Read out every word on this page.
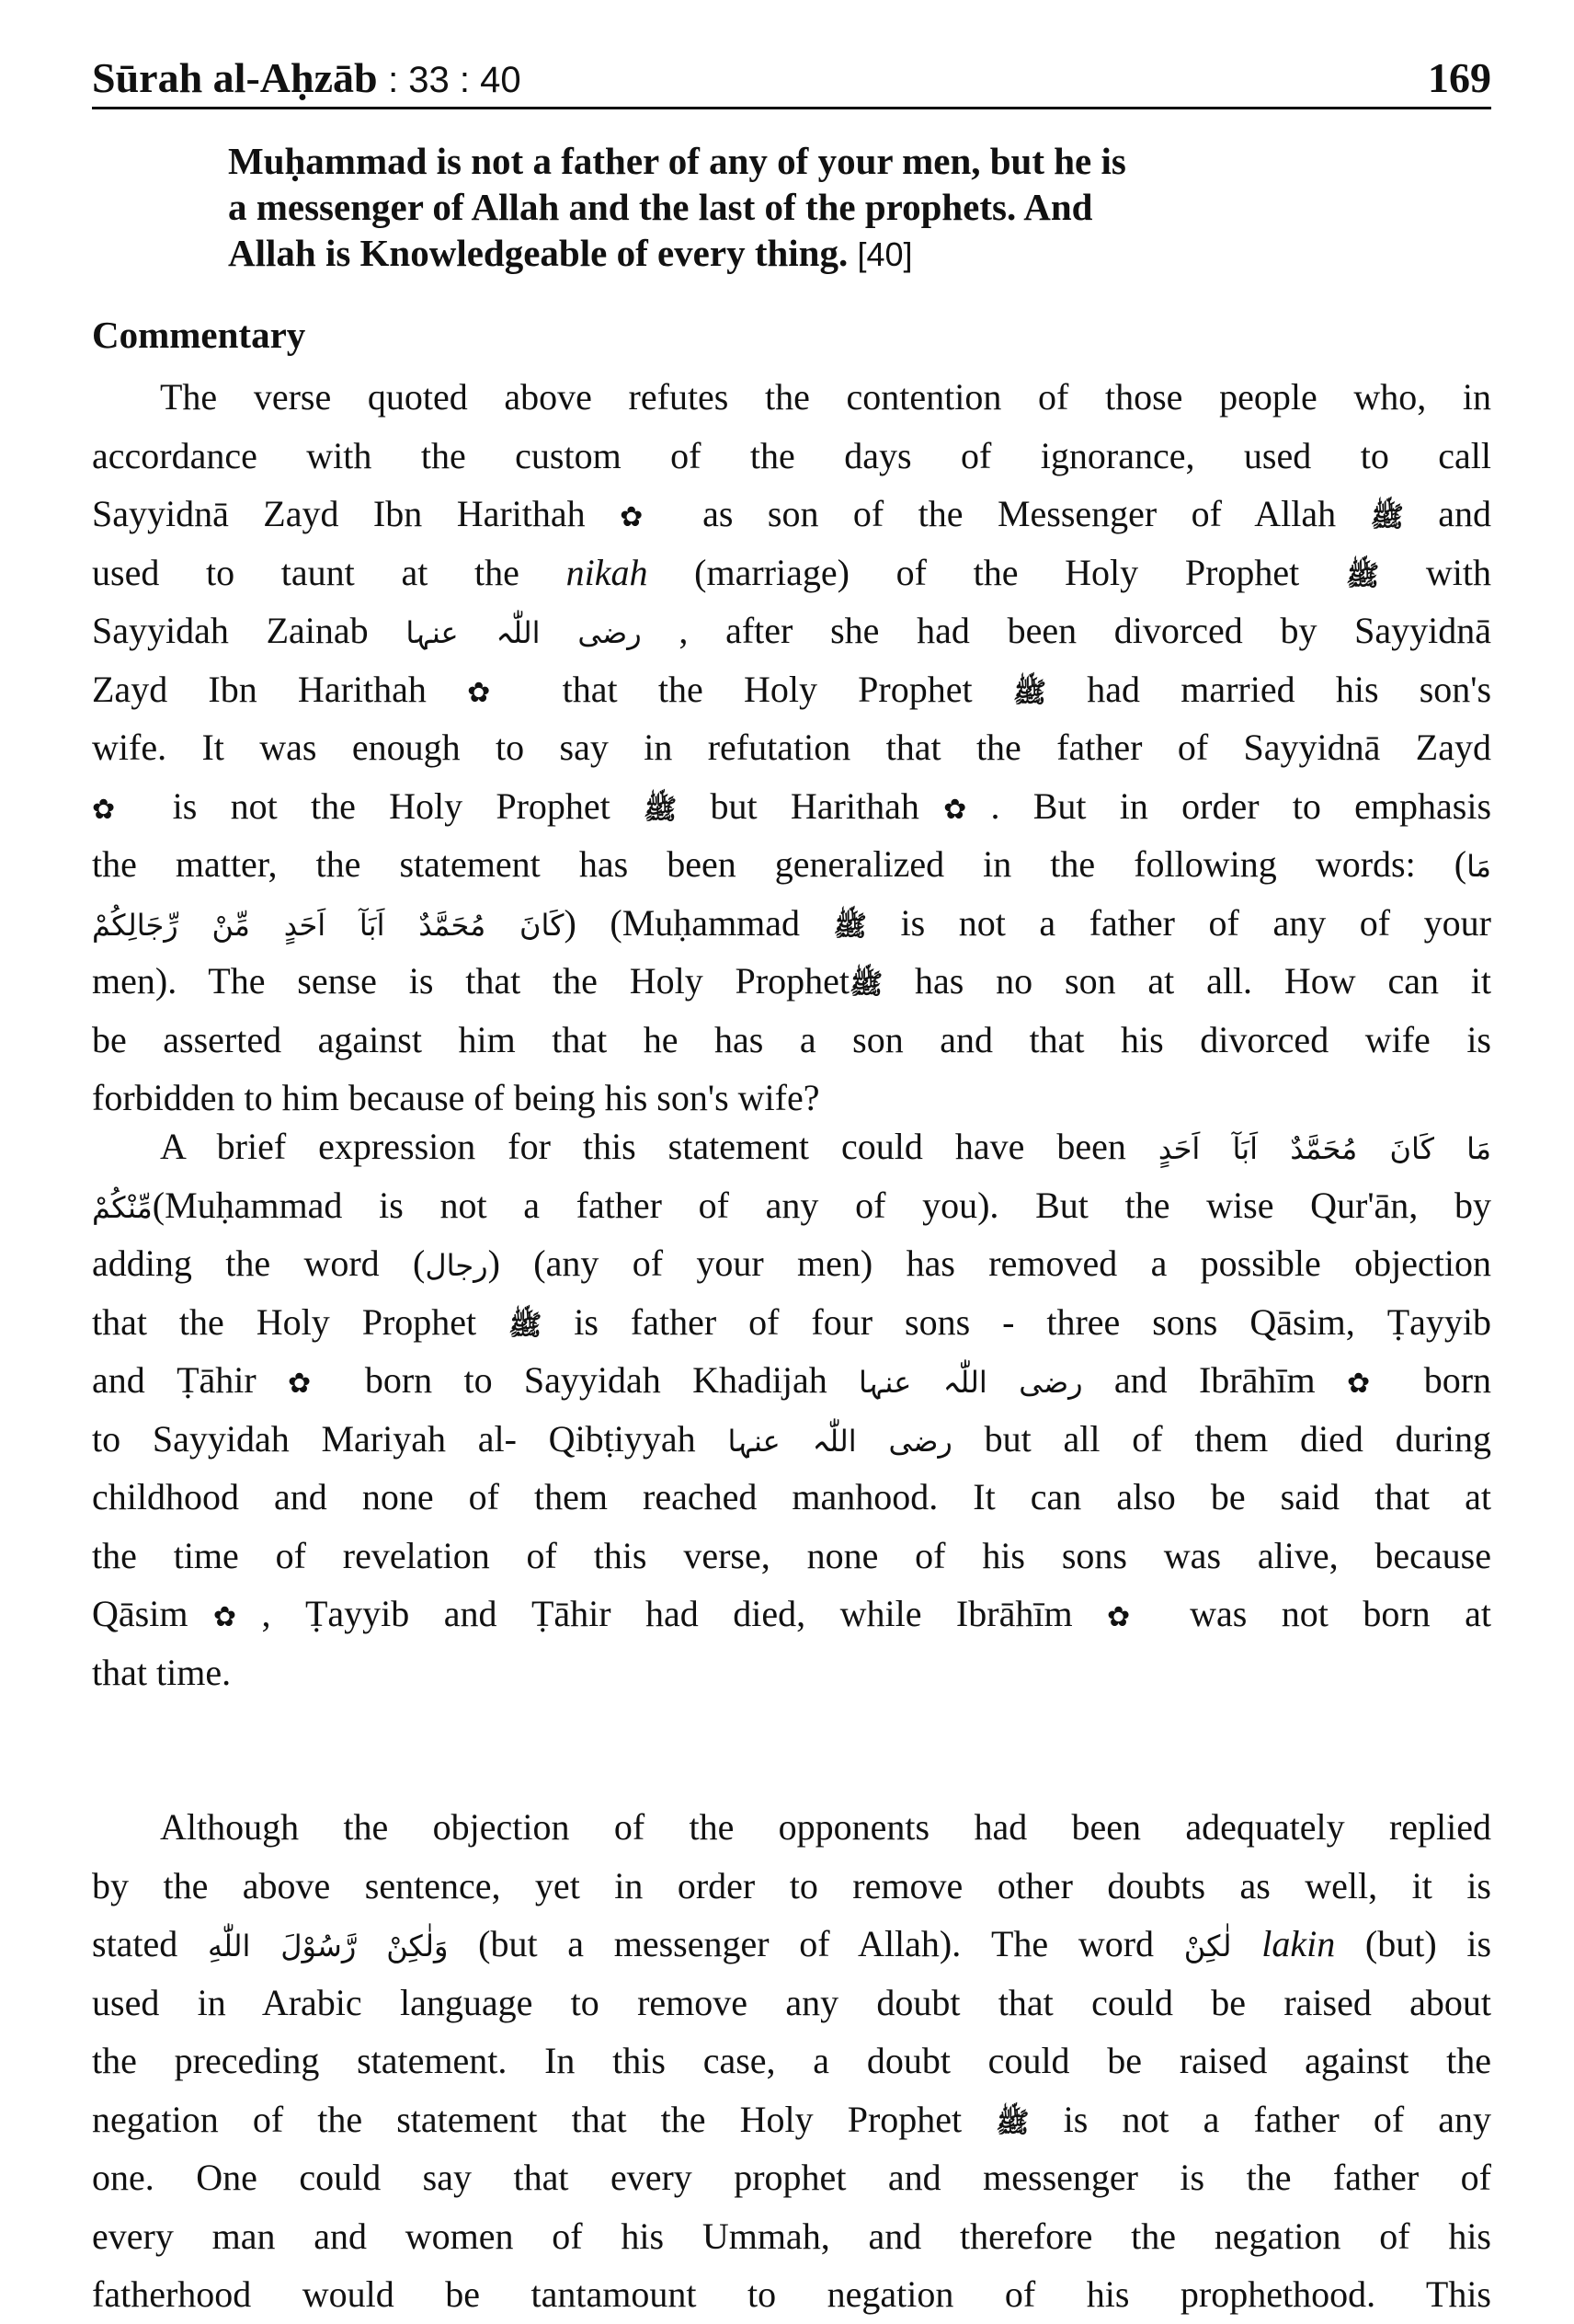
Sūrah al-Aḥzāb : 33 : 40	169
Muḥammad is not a father of any of your men, but he is
a messenger of Allah and the last of the prophets. And
Allah is Knowledgeable of every thing. [40]
Commentary
The verse quoted above refutes the contention of those people who, in
accordance with the custom of the days of ignorance, used to call
Sayyidnā Zayd Ibn Harithah ✿ as son of the Messenger of Allah ﷺ and
used to taunt at the nikah (marriage) of the Holy Prophet ﷺ with
Sayyidah Zainab رضی اللّٰہ عنہا , after she had been divorced by Sayyidnā
Zayd Ibn Harithah ✿ that the Holy Prophet ﷺ had married his son's
wife. It was enough to say in refutation that the father of Sayyidnā Zayd
✿ is not the Holy Prophet ﷺ but Harithah✿. But in order to emphasis
the matter, the statement has been generalized in the following words: (مَا
كَانَ مُحَمَّدٌ اَبَآ اَحَدٍ مِّنْ رِّجَالِكُمْ) (Muḥammad ﷺ is not a father of any of your
men). The sense is that the Holy Prophetﷺ has no son at all. How can it
be asserted against him that he has a son and that his divorced wife is
forbidden to him because of being his son's wife?
A brief expression for this statement could have been مَا كَانَ مُحَمَّدٌ اَبَآ اَحَدٍ
مِّنْكُمْ(Muḥammad is not a father of any of you). But the wise Qur'ān, by
adding the word (رجال) (any of your men) has removed a possible objection
that the Holy Prophet ﷺ is father of four sons - three sons Qāsim, Ṭayyib
and Ṭāhir ✿ born to Sayyidah Khadijah رضی اللّٰہ عنہا and Ibrāhīm ✿ born
to Sayyidah Mariyah al- Qibṭiyyah رضی اللّٰہ عنہا but all of them died during
childhood and none of them reached manhood. It can also be said that at
the time of revelation of this verse, none of his sons was alive, because
Qāsim✿, Ṭayyib and Ṭāhir had died, while Ibrāhīm ✿ was not born at
that time.
Although the objection of the opponents had been adequately replied
by the above sentence, yet in order to remove other doubts as well, it is
stated وَلٰكِنْ رَّسُوْلَ اللّٰهِ (but a messenger of Allah). The word لٰكِنْ lakin (but) is
used in Arabic language to remove any doubt that could be raised about
the preceding statement. In this case, a doubt could be raised against the
negation of the statement that the Holy Prophet ﷺ is not a father of any
one. One could say that every prophet and messenger is the father of
every man and women of his Ummah, and therefore the negation of his
fatherhood would be tantamount to negation of his prophethood. This
